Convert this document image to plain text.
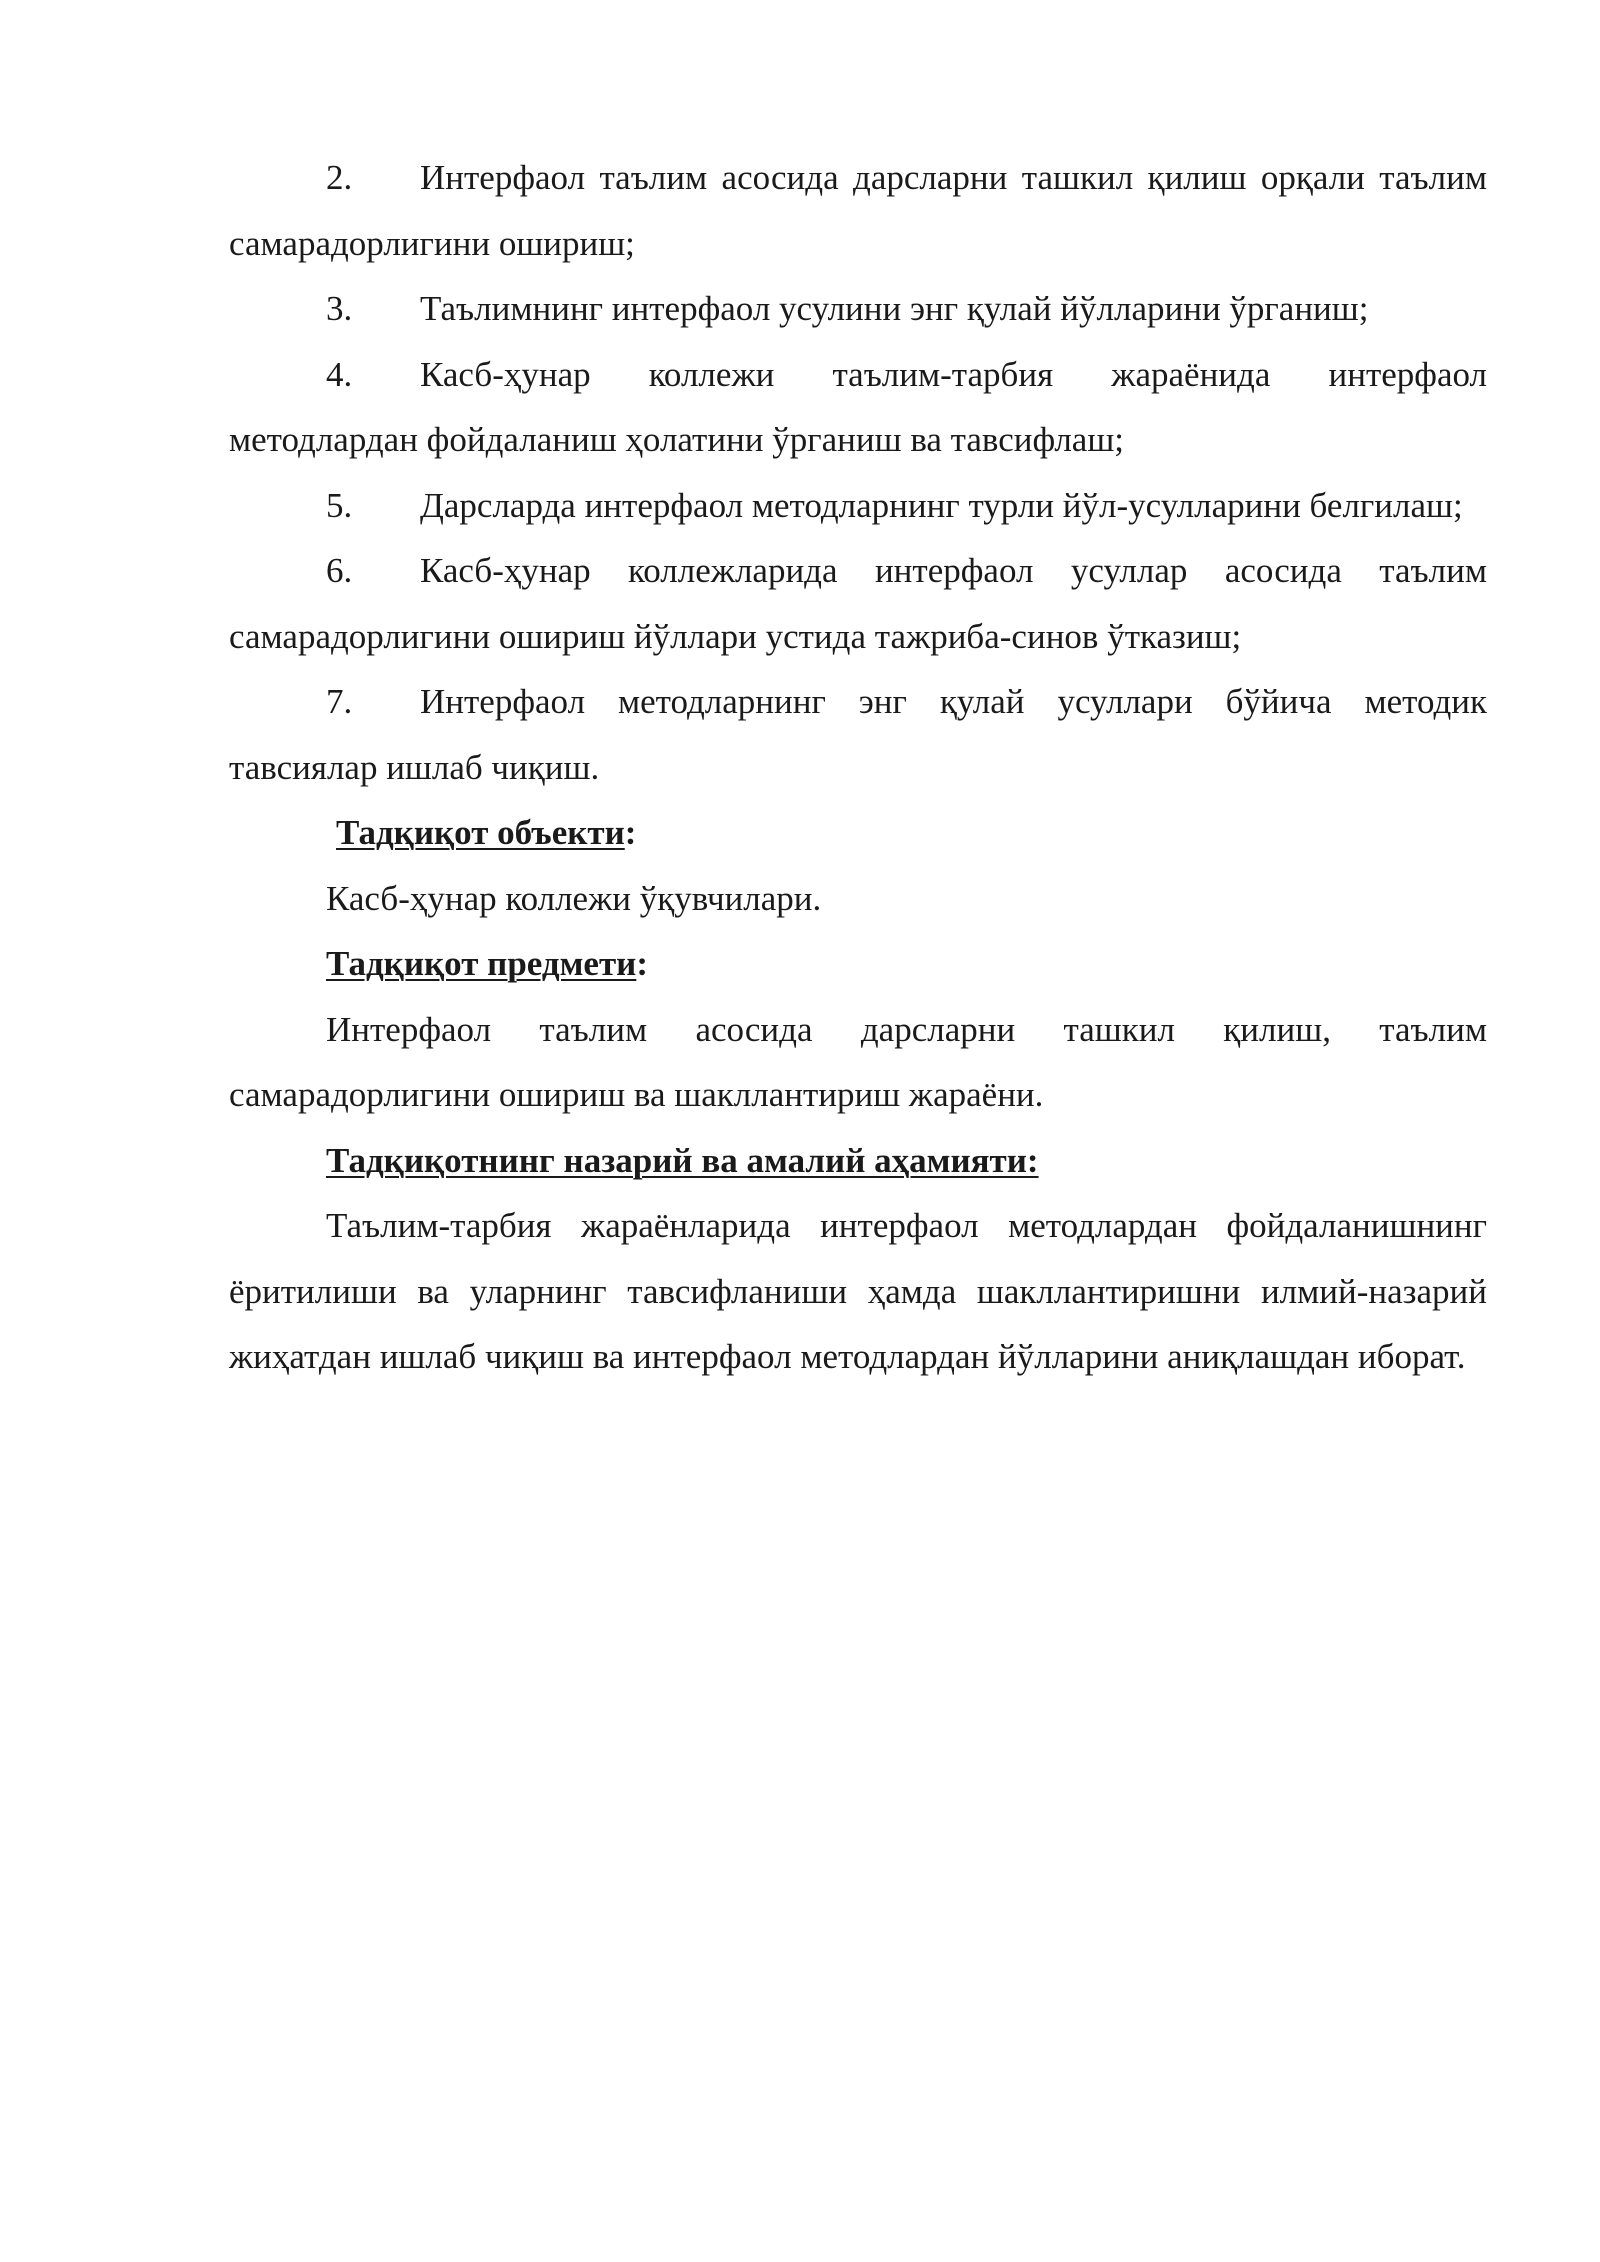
2. Интерфаол таълим асосида дарсларни ташкил қилиш орқали таълим самарадорлигини ошириш;

3. Таълимнинг интерфаол усулини энг қулай йўлларини ўрганиш;

4. Касб-ҳунар коллежи таълим-тарбия жараёнида интерфаол методлардан фойдаланиш ҳолатини ўрганиш ва тавсифлаш;

5. Дарсларда интерфаол методларнинг турли йўл-усулларини белгилаш;

6. Касб-ҳунар коллежларида интерфаол усуллар асосида таълим самарадорлигини ошириш йўллари устида тажриба-синов ўтказиш;

7. Интерфаол методларнинг энг қулай усуллари бўйича методик тавсиялар ишлаб чиқиш.

Тадқиқот объекти:

Касб-ҳунар коллежи ўқувчилари.

Тадқиқот предмети:

Интерфаол таълим асосида дарсларни ташкил қилиш, таълим самарадорлигини ошириш ва шакллантириш жараёни.

Тадқиқотнинг назарий ва амалий аҳамияти:

Таълим-тарбия жараёнларида интерфаол методлардан фойдаланишнинг ёритилиши ва уларнинг тавсифланиши ҳамда шакллантиришни илмий-назарий жиҳатдан ишлаб чиқиш ва интерфаол методлардан йўлларини аниқлашдан иборат.
